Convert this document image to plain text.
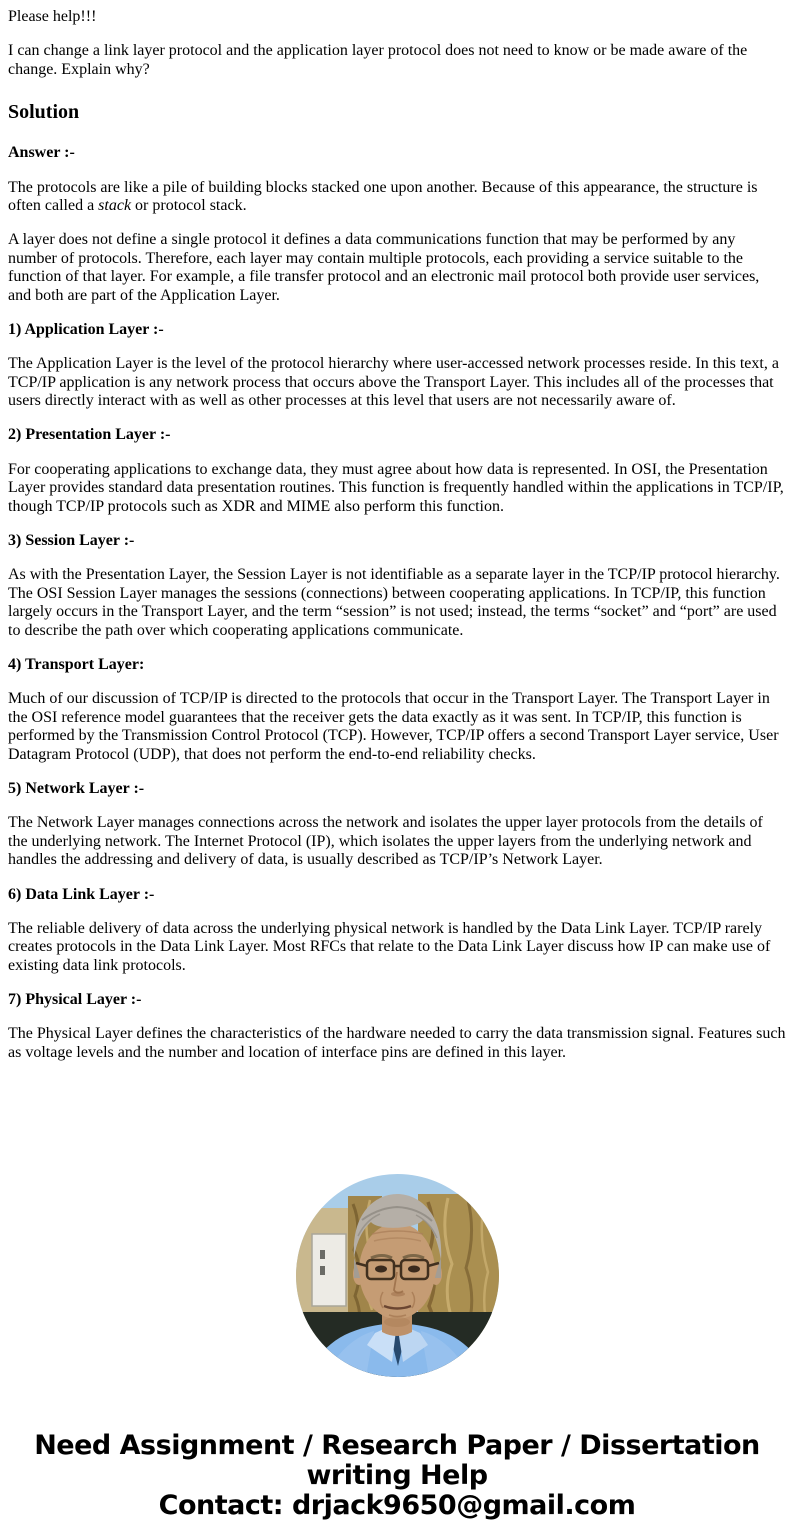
Please help!!!

I can change a link layer protocol and the application layer protocol does not need to know or be made aware of the change. Explain why?

Solution

Answer :-

The protocols are like a pile of building blocks stacked one upon another. Because of this appearance, the structure is often called a stack or protocol stack.

A layer does not define a single protocol it defines a data communications function that may be performed by any number of protocols. Therefore, each layer may contain multiple protocols, each providing a service suitable to the function of that layer. For example, a file transfer protocol and an electronic mail protocol both provide user services, and both are part of the Application Layer.

1) Application Layer :-

The Application Layer is the level of the protocol hierarchy where user-accessed network processes reside. In this text, a TCP/IP application is any network process that occurs above the Transport Layer. This includes all of the processes that users directly interact with as well as other processes at this level that users are not necessarily aware of.

2) Presentation Layer :-

For cooperating applications to exchange data, they must agree about how data is represented. In OSI, the Presentation Layer provides standard data presentation routines. This function is frequently handled within the applications in TCP/IP, though TCP/IP protocols such as XDR and MIME also perform this function.

3) Session Layer :-

As with the Presentation Layer, the Session Layer is not identifiable as a separate layer in the TCP/IP protocol hierarchy. The OSI Session Layer manages the sessions (connections) between cooperating applications. In TCP/IP, this function largely occurs in the Transport Layer, and the term “session” is not used; instead, the terms “socket” and “port” are used to describe the path over which cooperating applications communicate.

4) Transport Layer:

Much of our discussion of TCP/IP is directed to the protocols that occur in the Transport Layer. The Transport Layer in the OSI reference model guarantees that the receiver gets the data exactly as it was sent. In TCP/IP, this function is performed by the Transmission Control Protocol (TCP). However, TCP/IP offers a second Transport Layer service, User Datagram Protocol (UDP), that does not perform the end-to-end reliability checks.

5) Network Layer :-

The Network Layer manages connections across the network and isolates the upper layer protocols from the details of the underlying network. The Internet Protocol (IP), which isolates the upper layers from the underlying network and handles the addressing and delivery of data, is usually described as TCP/IP’s Network Layer.

6) Data Link Layer :-

The reliable delivery of data across the underlying physical network is handled by the Data Link Layer. TCP/IP rarely creates protocols in the Data Link Layer. Most RFCs that relate to the Data Link Layer discuss how IP can make use of existing data link protocols.

7) Physical Layer :-

The Physical Layer defines the characteristics of the hardware needed to carry the data transmission signal. Features such as voltage levels and the number and location of interface pins are defined in this layer.

Need Assignment / Research Paper / Dissertation writing Help
Contact: drjack9650@gmail.com
